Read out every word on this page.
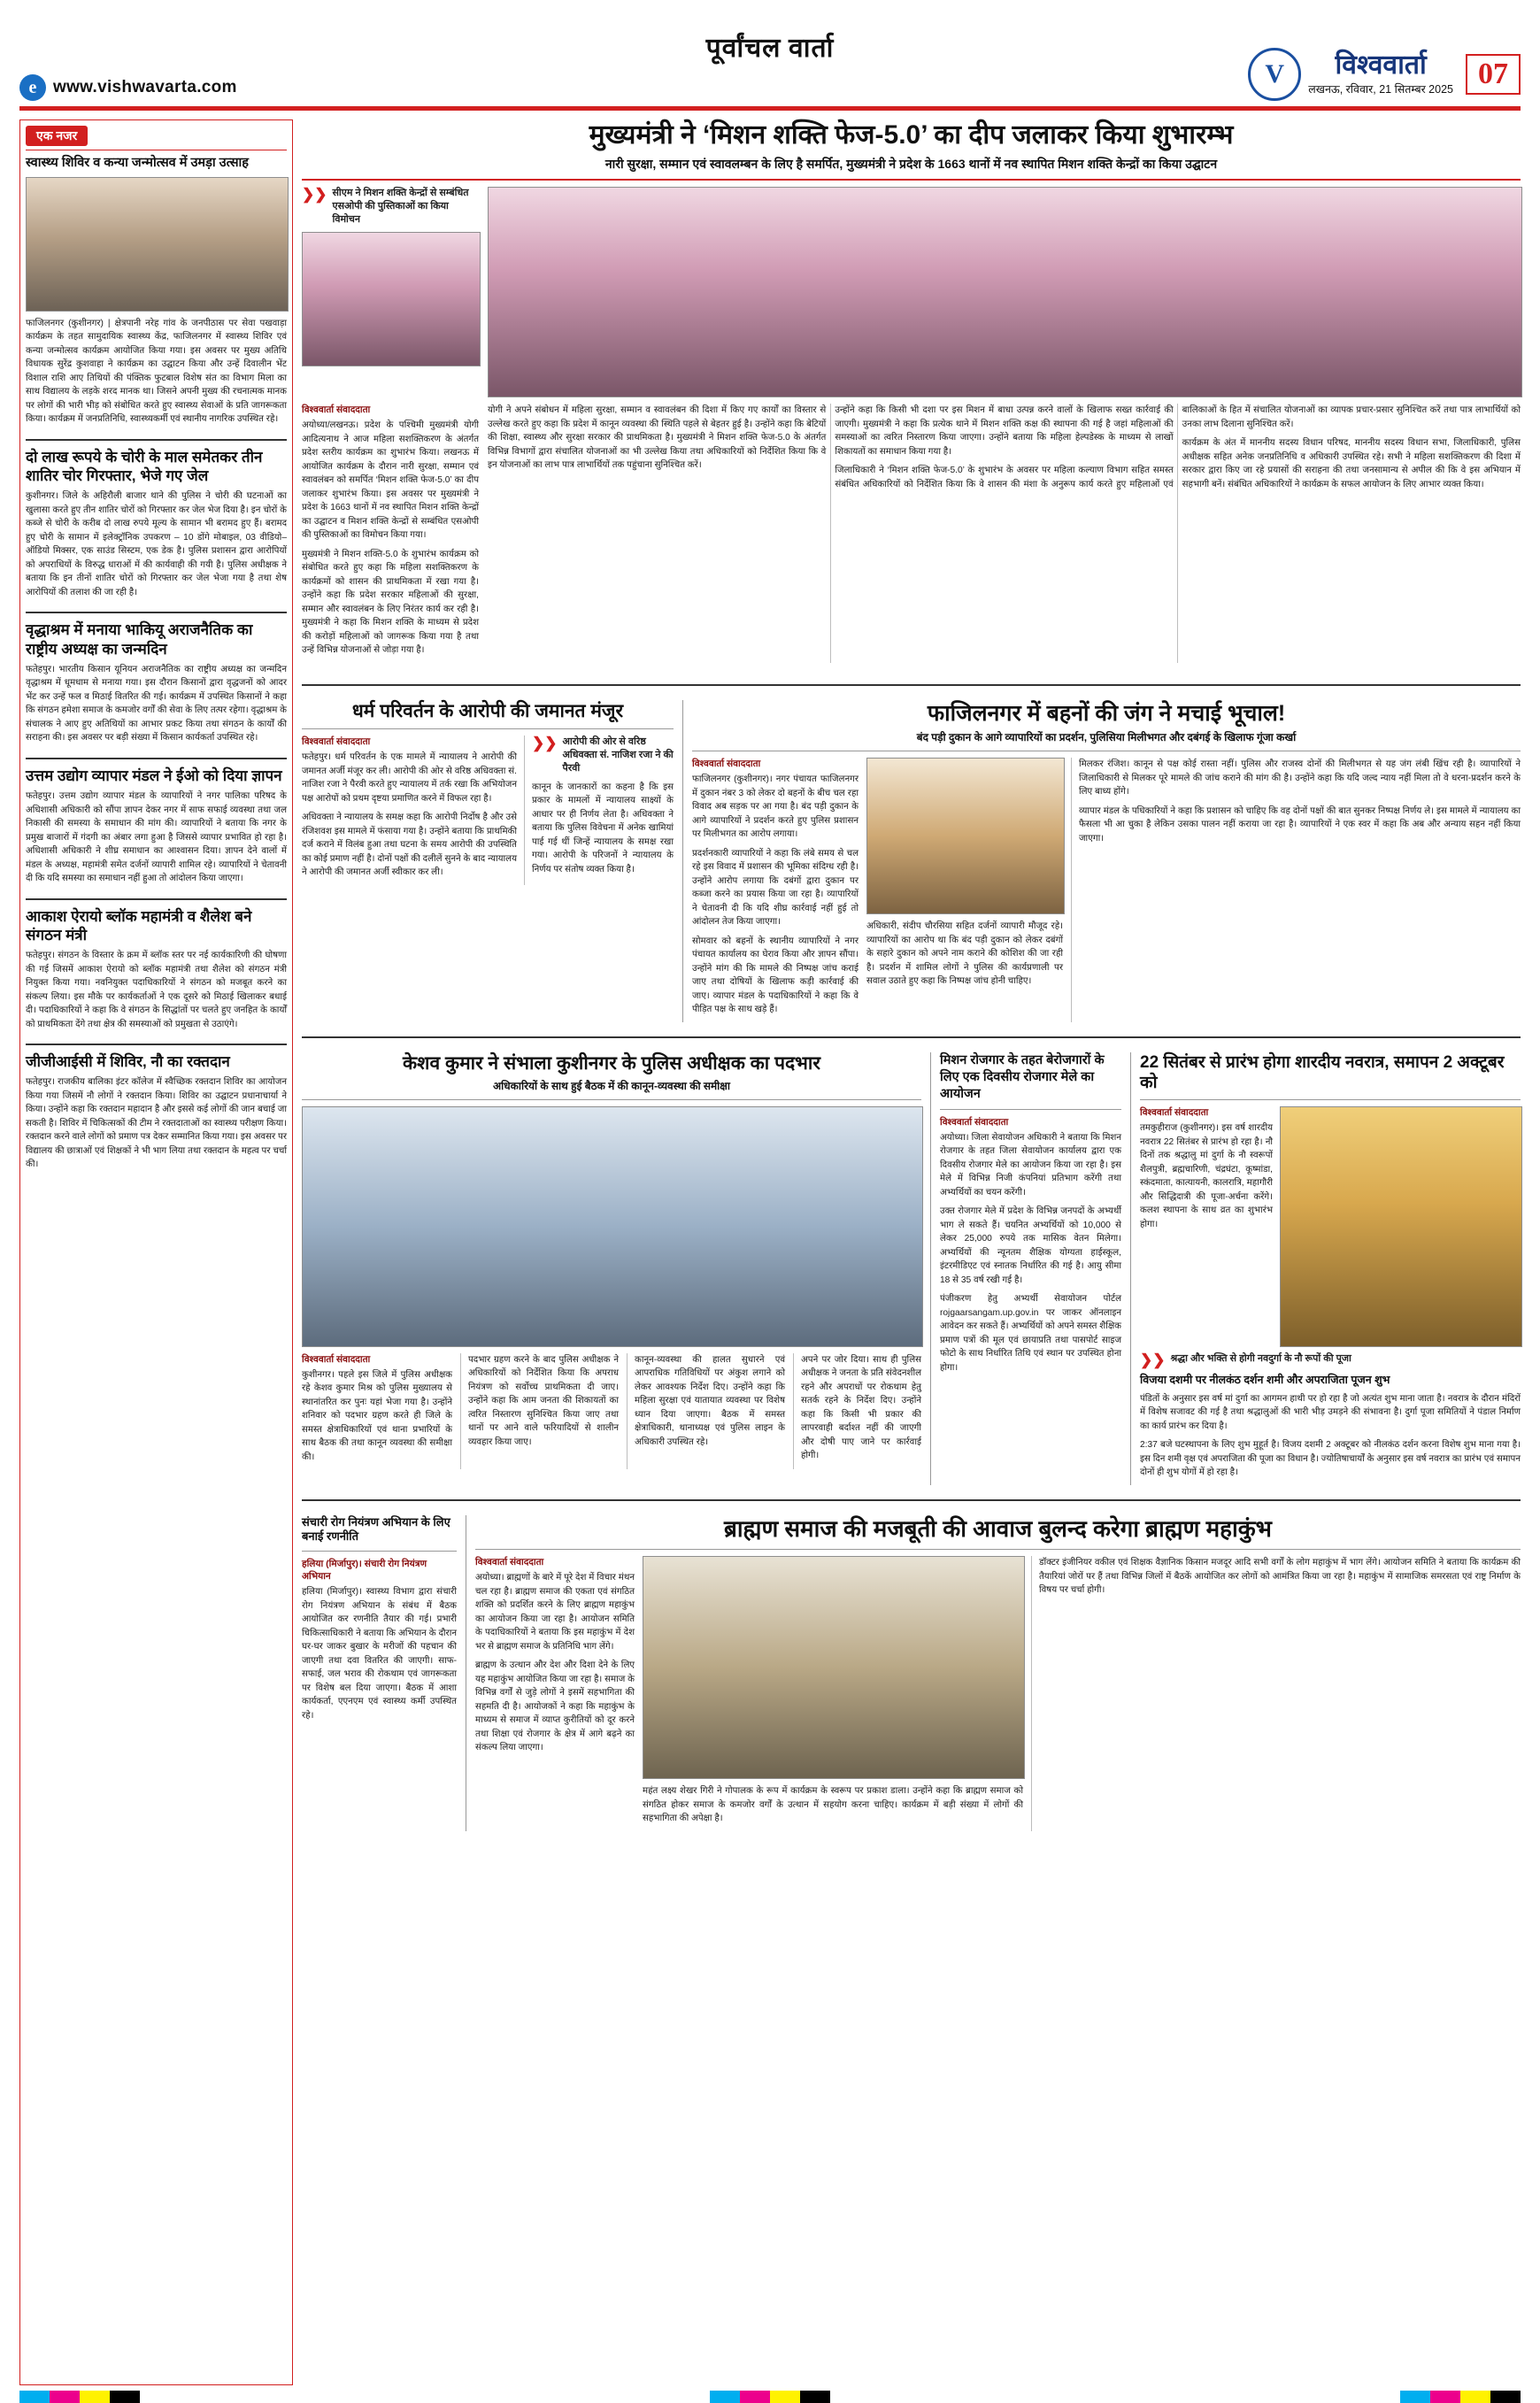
e www.vishwavarta.com
पूर्वांचल वार्ता
V	विश्ववार्ता
लखनऊ, रविवार, 21 सितम्बर 2025 07
एक नजर
स्वास्थ्य शिविर व कन्या जन्मोत्सव में उमड़ा उत्साह

फाजिलनगर (कुशीनगर) | क्षेत्रपानी नरेह गांव के जनपीठास पर सेवा पखवाड़ा कार्यक्रम के तहत सामुदायिक स्वास्थ्य केंद्र, फाजिलनगर में स्वास्थ्य शिविर एवं कन्या जन्मोत्सव कार्यक्रम आयोजित किया गया। इस अवसर पर मुख्य अतिथि विधायक सुरेंद्र कुशवाहा ने कार्यक्रम का उद्घाटन किया और उन्हें दिवालीन भेंट विशाल राशि आए तिथियों की पंक्तिक फुटबाल विशेष संत का विभाग मिला का साथ विद्यालय के लड़के शरद मानक था। जिसने अपनी मुख्य की रचनात्मक मानक पर लोगों की भारी भीड़ को संबोधित करते हुए स्वास्थ्य सेवाओं के प्रति जागरूकता किया। कार्यक्रम में जनप्रतिनिधि, स्वास्थ्यकर्मी एवं स्थानीय नागरिक उपस्थित रहे।

दो लाख रूपये के चोरी के माल समेतकर तीन शातिर चोर गिरफ्तार, भेजे गए जेल

कुशीनगर। जिले के अहिरौली बाजार थाने की पुलिस ने चोरी की घटनाओं का खुलासा करते हुए तीन शातिर चोरों को गिरफ्तार कर जेल भेज दिया है। इन चोरों के कब्जे से चोरी के करीब दो लाख रुपये मूल्य के सामान भी बरामद हुए हैं। बरामद हुए चोरी के सामान में इलेक्ट्रॉनिक उपकरण – 10 डोंगे मोबाइल, 03 वीडियो–ऑडियो मिक्सर, एक साउंड सिस्टम, एक डेक है। पुलिस प्रशासन द्वारा आरोपियों को अपराधियों के विरुद्ध धाराओं में की कार्यवाही की गयी है। पुलिस अधीक्षक ने बताया कि इन तीनों शातिर चोरों को गिरफ्तार कर जेल भेजा गया है तथा शेष आरोपियों की तलाश की जा रही है।

वृद्धाश्रम में मनाया भाकियू अराजनैतिक का राष्ट्रीय अध्यक्ष का जन्मदिन

फतेहपुर। भारतीय किसान यूनियन अराजनैतिक का राष्ट्रीय अध्यक्ष का जन्मदिन वृद्धाश्रम में धूमधाम से मनाया गया। इस दौरान किसानों द्वारा वृद्धजनों को आदर भेंट कर उन्हें फल व मिठाई वितरित की गई। कार्यक्रम में उपस्थित किसानों ने कहा कि संगठन हमेशा समाज के कमजोर वर्गों की सेवा के लिए तत्पर रहेगा। वृद्धाश्रम के संचालक ने आए हुए अतिथियों का आभार प्रकट किया तथा संगठन के कार्यों की सराहना की। इस अवसर पर बड़ी संख्या में किसान कार्यकर्ता उपस्थित रहे।

उत्तम उद्योग व्यापार मंडल ने ईओ को दिया ज्ञापन

फतेहपुर। उत्तम उद्योग व्यापार मंडल के व्यापारियों ने नगर पालिका परिषद के अधिशासी अधिकारी को सौंपा ज्ञापन देकर नगर में साफ सफाई व्यवस्था तथा जल निकासी की समस्या के समाधान की मांग की। व्यापारियों ने बताया कि नगर के प्रमुख बाजारों में गंदगी का अंबार लगा हुआ है जिससे व्यापार प्रभावित हो रहा है। अधिशासी अधिकारी ने शीघ्र समाधान का आश्वासन दिया। ज्ञापन देने वालों में मंडल के अध्यक्ष, महामंत्री समेत दर्जनों व्यापारी शामिल रहे। व्यापारियों ने चेतावनी दी कि यदि समस्या का समाधान नहीं हुआ तो आंदोलन किया जाएगा।

आकाश ऐरायो ब्लॉक महामंत्री व शैलेश बने संगठन मंत्री

फतेहपुर। संगठन के विस्तार के क्रम में ब्लॉक स्तर पर नई कार्यकारिणी की घोषणा की गई जिसमें आकाश ऐरायो को ब्लॉक महामंत्री तथा शैलेश को संगठन मंत्री नियुक्त किया गया। नवनियुक्त पदाधिकारियों ने संगठन को मजबूत करने का संकल्प लिया। इस मौके पर कार्यकर्ताओं ने एक दूसरे को मिठाई खिलाकर बधाई दी। पदाधिकारियों ने कहा कि वे संगठन के सिद्धांतों पर चलते हुए जनहित के कार्यों को प्राथमिकता देंगे तथा क्षेत्र की समस्याओं को प्रमुखता से उठाएंगे।

जीजीआईसी में शिविर, नौ का रक्तदान

फतेहपुर। राजकीय बालिका इंटर कॉलेज में स्वैच्छिक रक्तदान शिविर का आयोजन किया गया जिसमें नौ लोगों ने रक्तदान किया। शिविर का उद्घाटन प्रधानाचार्या ने किया। उन्होंने कहा कि रक्तदान महादान है और इससे कई लोगों की जान बचाई जा सकती है। शिविर में चिकित्सकों की टीम ने रक्तदाताओं का स्वास्थ्य परीक्षण किया। रक्तदान करने वाले लोगों को प्रमाण पत्र देकर सम्मानित किया गया। इस अवसर पर विद्यालय की छात्राओं एवं शिक्षकों ने भी भाग लिया तथा रक्तदान के महत्व पर चर्चा की।

मुख्यमंत्री ने ‘मिशन शक्ति फेज-5.0’ का दीप जलाकर किया शुभारम्भ
नारी सुरक्षा, सम्मान एवं स्वावलम्बन के लिए है समर्पित, मुख्यमंत्री ने प्रदेश के 1663 थानों में नव स्थापित मिशन शक्ति केन्द्रों का किया उद्घाटन
❯❯ सीएम ने मिशन शक्ति केन्द्रों से सम्बंधित एसओपी की पुस्तिकाओं का किया विमोचन

विश्ववार्ता संवाददाता

अयोध्या/लखनऊ। प्रदेश के पश्चिमी मुख्यमंत्री योगी आदित्यनाथ ने आज महिला सशक्तिकरण के अंतर्गत प्रदेश स्तरीय कार्यक्रम का शुभारंभ किया। लखनऊ में आयोजित कार्यक्रम के दौरान नारी सुरक्षा, सम्मान एवं स्वावलंबन को समर्पित ‘मिशन शक्ति फेज-5.0’ का दीप जलाकर शुभारंभ किया। इस अवसर पर मुख्यमंत्री ने प्रदेश के 1663 थानों में नव स्थापित मिशन शक्ति केन्द्रों का उद्घाटन व मिशन शक्ति केन्द्रों से सम्बंधित एसओपी की पुस्तिकाओं का विमोचन किया गया।

मुख्यमंत्री ने मिशन शक्ति-5.0 के शुभारंभ कार्यक्रम को संबोधित करते हुए कहा कि महिला सशक्तिकरण के कार्यक्रमों को शासन की प्राथमिकता में रखा गया है। उन्होंने कहा कि प्रदेश सरकार महिलाओं की सुरक्षा, सम्मान और स्वावलंबन के लिए निरंतर कार्य कर रही है। मुख्यमंत्री ने कहा कि मिशन शक्ति के माध्यम से प्रदेश की करोड़ों महिलाओं को जागरूक किया गया है तथा उन्हें विभिन्न योजनाओं से जोड़ा गया है।

योगी ने अपने संबोधन में महिला सुरक्षा, सम्मान व स्वावलंबन की दिशा में किए गए कार्यों का विस्तार से उल्लेख करते हुए कहा कि प्रदेश में कानून व्यवस्था की स्थिति पहले से बेहतर हुई है। उन्होंने कहा कि बेटियों की शिक्षा, स्वास्थ्य और सुरक्षा सरकार की प्राथमिकता है। मुख्यमंत्री ने मिशन शक्ति फेज-5.0 के अंतर्गत विभिन्न विभागों द्वारा संचालित योजनाओं का भी उल्लेख किया तथा अधिकारियों को निर्देशित किया कि वे इन योजनाओं का लाभ पात्र लाभार्थियों तक पहुंचाना सुनिश्चित करें।

उन्होंने कहा कि किसी भी दशा पर इस मिशन में बाधा उत्पन्न करने वालों के खिलाफ सख्त कार्रवाई की जाएगी। मुख्यमंत्री ने कहा कि प्रत्येक थाने में मिशन शक्ति कक्ष की स्थापना की गई है जहां महिलाओं की समस्याओं का त्वरित निस्तारण किया जाएगा। उन्होंने बताया कि महिला हेल्पडेस्क के माध्यम से लाखों शिकायतों का समाधान किया गया है।

जिलाधिकारी ने ‘मिशन शक्ति फेज-5.0’ के शुभारंभ के अवसर पर महिला कल्याण विभाग सहित समस्त संबंधित अधिकारियों को निर्देशित किया कि वे शासन की मंशा के अनुरूप कार्य करते हुए महिलाओं एवं बालिकाओं के हित में संचालित योजनाओं का व्यापक प्रचार-प्रसार सुनिश्चित करें तथा पात्र लाभार्थियों को उनका लाभ दिलाना सुनिश्चित करें।

कार्यक्रम के अंत में माननीय सदस्य विधान परिषद, माननीय सदस्य विधान सभा, जिलाधिकारी, पुलिस अधीक्षक सहित अनेक जनप्रतिनिधि व अधिकारी उपस्थित रहे। सभी ने महिला सशक्तिकरण की दिशा में सरकार द्वारा किए जा रहे प्रयासों की सराहना की तथा जनसामान्य से अपील की कि वे इस अभियान में सहभागी बनें। संबंधित अधिकारियों ने कार्यक्रम के सफल आयोजन के लिए आभार व्यक्त किया।

धर्म परिवर्तन के आरोपी की जमानत मंजूर

विश्ववार्ता संवाददाता

फतेहपुर। धर्म परिवर्तन के एक मामले में न्यायालय ने आरोपी की जमानत अर्जी मंजूर कर ली। आरोपी की ओर से वरिष्ठ अधिवक्ता सं. नाजिश रजा ने पैरवी करते हुए न्यायालय में तर्क रखा कि अभियोजन पक्ष आरोपों को प्रथम दृष्टया प्रमाणित करने में विफल रहा है।

अधिवक्ता ने न्यायालय के समक्ष कहा कि आरोपी निर्दोष है और उसे रंजिशवश इस मामले में फंसाया गया है। उन्होंने बताया कि प्राथमिकी दर्ज कराने में विलंब हुआ तथा घटना के समय आरोपी की उपस्थिति का कोई प्रमाण नहीं है। दोनों पक्षों की दलीलें सुनने के बाद न्यायालय ने आरोपी की जमानत अर्जी स्वीकार कर ली।

❯❯ आरोपी की ओर से वरिष्ठ अधिवक्ता सं. नाजिश रजा ने की पैरवी

कानून के जानकारों का कहना है कि इस प्रकार के मामलों में न्यायालय साक्ष्यों के आधार पर ही निर्णय लेता है। अधिवक्ता ने बताया कि पुलिस विवेचना में अनेक खामियां पाई गई थीं जिन्हें न्यायालय के समक्ष रखा गया। आरोपी के परिजनों ने न्यायालय के निर्णय पर संतोष व्यक्त किया है।

फाजिलनगर में बहनों की जंग ने मचाई भूचाल!
बंद पड़ी दुकान के आगे व्यापारियों का प्रदर्शन, पुलिसिया मिलीभगत और दबंगई के खिलाफ गूंजा कर्खा

विश्ववार्ता संवाददाता

फाजिलनगर (कुशीनगर)। नगर पंचायत फाजिलनगर में दुकान नंबर 3 को लेकर दो बहनों के बीच चल रहा विवाद अब सड़क पर आ गया है। बंद पड़ी दुकान के आगे व्यापारियों ने प्रदर्शन करते हुए पुलिस प्रशासन पर मिलीभगत का आरोप लगाया।

प्रदर्शनकारी व्यापारियों ने कहा कि लंबे समय से चल रहे इस विवाद में प्रशासन की भूमिका संदिग्ध रही है। उन्होंने आरोप लगाया कि दबंगों द्वारा दुकान पर कब्जा करने का प्रयास किया जा रहा है। व्यापारियों ने चेतावनी दी कि यदि शीघ्र कार्रवाई नहीं हुई तो आंदोलन तेज किया जाएगा।

सोमवार को बहनों के स्थानीय व्यापारियों ने नगर पंचायत कार्यालय का घेराव किया और ज्ञापन सौंपा। उन्होंने मांग की कि मामले की निष्पक्ष जांच कराई जाए तथा दोषियों के खिलाफ कड़ी कार्रवाई की जाए। व्यापार मंडल के पदाधिकारियों ने कहा कि वे पीड़ित पक्ष के साथ खड़े हैं।

अधिकारी, संदीप चौरसिया सहित दर्जनों व्यापारी मौजूद रहे। व्यापारियों का आरोप था कि बंद पड़ी दुकान को लेकर दबंगों के सहारे दुकान को अपने नाम कराने की कोशिश की जा रही है। प्रदर्शन में शामिल लोगों ने पुलिस की कार्यप्रणाली पर सवाल उठाते हुए कहा कि निष्पक्ष जांच होनी चाहिए।

मिलकर रंजिश। कानून से पक्ष कोई रास्ता नहीं। पुलिस और राजस्व दोनों की मिलीभगत से यह जंग लंबी खिंच रही है। व्यापारियों ने जिलाधिकारी से मिलकर पूरे मामले की जांच कराने की मांग की है। उन्होंने कहा कि यदि जल्द न्याय नहीं मिला तो वे धरना-प्रदर्शन करने के लिए बाध्य होंगे।

व्यापार मंडल के पधिकारियों ने कहा कि प्रशासन को चाहिए कि वह दोनों पक्षों की बात सुनकर निष्पक्ष निर्णय ले। इस मामले में न्यायालय का फैसला भी आ चुका है लेकिन उसका पालन नहीं कराया जा रहा है। व्यापारियों ने एक स्वर में कहा कि अब और अन्याय सहन नहीं किया जाएगा।

केशव कुमार ने संभाला कुशीनगर के पुलिस अधीक्षक का पदभार
अधिकारियों के साथ हुई बैठक में की कानून-व्यवस्था की समीक्षा

विश्ववार्ता संवाददाता

कुशीनगर। पहले इस जिले में पुलिस अधीक्षक रहे केशव कुमार मिश्र को पुलिस मुख्यालय से स्थानांतरित कर पुनः यहां भेजा गया है। उन्होंने शनिवार को पदभार ग्रहण करते ही जिले के समस्त क्षेत्राधिकारियों एवं थाना प्रभारियों के साथ बैठक की तथा कानून व्यवस्था की समीक्षा की।

पदभार ग्रहण करने के बाद पुलिस अधीक्षक ने अधिकारियों को निर्देशित किया कि अपराध नियंत्रण को सर्वोच्च प्राथमिकता दी जाए। उन्होंने कहा कि आम जनता की शिकायतों का त्वरित निस्तारण सुनिश्चित किया जाए तथा थानों पर आने वाले फरियादियों से शालीन व्यवहार किया जाए।

कानून-व्यवस्था की हालत सुधारने एवं आपराधिक गतिविधियों पर अंकुश लगाने को लेकर आवश्यक निर्देश दिए। उन्होंने कहा कि महिला सुरक्षा एवं यातायात व्यवस्था पर विशेष ध्यान दिया जाएगा। बैठक में समस्त क्षेत्राधिकारी, थानाध्यक्ष एवं पुलिस लाइन के अधिकारी उपस्थित रहे।

अपने पर जोर दिया। साथ ही पुलिस अधीक्षक ने जनता के प्रति संवेदनशील रहने और अपराधों पर रोकथाम हेतु सतर्क रहने के निर्देश दिए। उन्होंने कहा कि किसी भी प्रकार की लापरवाही बर्दाश्त नहीं की जाएगी और दोषी पाए जाने पर कार्रवाई होगी।

मिशन रोजगार के तहत बेरोजगारों के लिए एक दिवसीय रोजगार मेले का आयोजन

विश्ववार्ता संवाददाता

अयोध्या। जिला सेवायोजन अधिकारी ने बताया कि मिशन रोजगार के तहत जिला सेवायोजन कार्यालय द्वारा एक दिवसीय रोजगार मेले का आयोजन किया जा रहा है। इस मेले में विभिन्न निजी कंपनियां प्रतिभाग करेंगी तथा अभ्यर्थियों का चयन करेंगी।

उक्त रोजगार मेले में प्रदेश के विभिन्न जनपदों के अभ्यर्थी भाग ले सकते हैं। चयनित अभ्यर्थियों को 10,000 से लेकर 25,000 रुपये तक मासिक वेतन मिलेगा। अभ्यर्थियों की न्यूनतम शैक्षिक योग्यता हाईस्कूल, इंटरमीडिएट एवं स्नातक निर्धारित की गई है। आयु सीमा 18 से 35 वर्ष रखी गई है।

पंजीकरण हेतु अभ्यर्थी सेवायोजन पोर्टल rojgaarsangam.up.gov.in पर जाकर ऑनलाइन आवेदन कर सकते हैं। अभ्यर्थियों को अपने समस्त शैक्षिक प्रमाण पत्रों की मूल एवं छायाप्रति तथा पासपोर्ट साइज फोटो के साथ निर्धारित तिथि एवं स्थान पर उपस्थित होना होगा।

22 सितंबर से प्रारंभ होगा शारदीय नवरात्र, समापन 2 अक्टूबर को

विश्ववार्ता संवाददाता

तमकुहीराज (कुशीनगर)। इस वर्ष शारदीय नवरात्र 22 सितंबर से प्रारंभ हो रहा है। नौ दिनों तक श्रद्धालु मां दुर्गा के नौ स्वरूपों शैलपुत्री, ब्रह्मचारिणी, चंद्रघंटा, कूष्मांडा, स्कंदमाता, कात्यायनी, कालरात्रि, महागौरी और सिद्धिदात्री की पूजा-अर्चना करेंगे। कलश स्थापना के साथ व्रत का शुभारंभ होगा।

❯❯ श्रद्धा और भक्ति से होगी नवदुर्गा के नौ रूपों की पूजा
विजया दशमी पर नीलकंठ दर्शन शमी और अपराजिता पूजन शुभ

पंडितों के अनुसार इस वर्ष मां दुर्गा का आगमन हाथी पर हो रहा है जो अत्यंत शुभ माना जाता है। नवरात्र के दौरान मंदिरों में विशेष सजावट की गई है तथा श्रद्धालुओं की भारी भीड़ उमड़ने की संभावना है। दुर्गा पूजा समितियों ने पंडाल निर्माण का कार्य प्रारंभ कर दिया है।

2:37 बजे घटस्थापना के लिए शुभ मुहूर्त है। विजय दशमी 2 अक्टूबर को नीलकंठ दर्शन करना विशेष शुभ माना गया है। इस दिन शमी वृक्ष एवं अपराजिता की पूजा का विधान है। ज्योतिषाचार्यों के अनुसार इस वर्ष नवरात्र का प्रारंभ एवं समापन दोनों ही शुभ योगों में हो रहा है।

संचारी रोग नियंत्रण अभियान के लिए बनाई रणनीति

हलिया (मिर्जापुर)। संचारी रोग नियंत्रण अभियान

हलिया (मिर्जापुर)। स्वास्थ्य विभाग द्वारा संचारी रोग नियंत्रण अभियान के संबंध में बैठक आयोजित कर रणनीति तैयार की गई। प्रभारी चिकित्साधिकारी ने बताया कि अभियान के दौरान घर-घर जाकर बुखार के मरीजों की पहचान की जाएगी तथा दवा वितरित की जाएगी। साफ-सफाई, जल भराव की रोकथाम एवं जागरूकता पर विशेष बल दिया जाएगा। बैठक में आशा कार्यकर्ता, एएनएम एवं स्वास्थ्य कर्मी उपस्थित रहे।

ब्राह्मण समाज की मजबूती की आवाज बुलन्द करेगा ब्राह्मण महाकुंभ

विश्ववार्ता संवाददाता

अयोध्या। ब्राह्मणों के बारे में पूरे देश में विचार मंथन चल रहा है। ब्राह्मण समाज की एकता एवं संगठित शक्ति को प्रदर्शित करने के लिए ब्राह्मण महाकुंभ का आयोजन किया जा रहा है। आयोजन समिति के पदाधिकारियों ने बताया कि इस महाकुंभ में देश भर से ब्राह्मण समाज के प्रतिनिधि भाग लेंगे।

ब्राह्मण के उत्थान और देश और दिशा देने के लिए यह महाकुंभ आयोजित किया जा रहा है। समाज के विभिन्न वर्गों से जुड़े लोगों ने इसमें सहभागिता की सहमति दी है। आयोजकों ने कहा कि महाकुंभ के माध्यम से समाज में व्याप्त कुरीतियों को दूर करने तथा शिक्षा एवं रोजगार के क्षेत्र में आगे बढ़ने का संकल्प लिया जाएगा।

महंत लक्ष्य शेखर गिरी ने गोपालक के रूप में कार्यक्रम के स्वरूप पर प्रकाश डाला। उन्होंने कहा कि ब्राह्मण समाज को संगठित होकर समाज के कमजोर वर्गों के उत्थान में सहयोग करना चाहिए। कार्यक्रम में बड़ी संख्या में लोगों की सहभागिता की अपेक्षा है।

डॉक्टर इंजीनियर वकील एवं शिक्षक वैज्ञानिक किसान मजदूर आदि सभी वर्गों के लोग महाकुंभ में भाग लेंगे। आयोजन समिति ने बताया कि कार्यक्रम की तैयारियां जोरों पर हैं तथा विभिन्न जिलों में बैठकें आयोजित कर लोगों को आमंत्रित किया जा रहा है। महाकुंभ में सामाजिक समरसता एवं राष्ट्र निर्माण के विषय पर चर्चा होगी।
